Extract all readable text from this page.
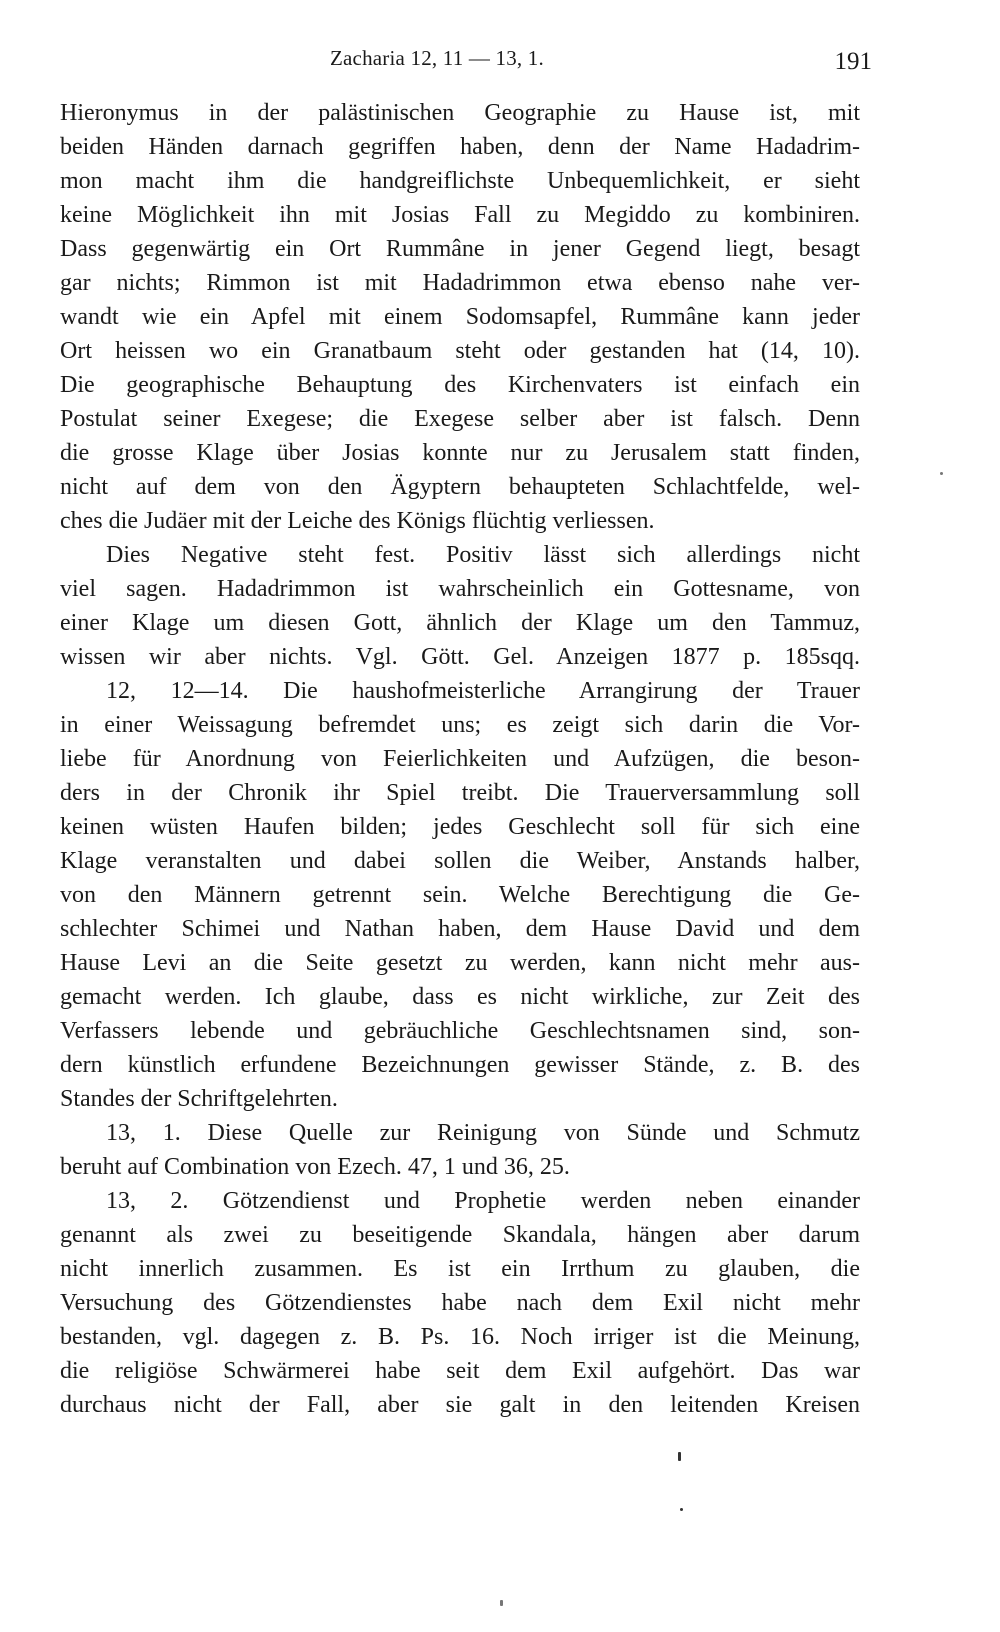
Zacharia 12, 11 — 13, 1.	191
Hieronymus in der palästinischen Geographie zu Hause ist, mit
beiden Händen darnach gegriffen haben, denn der Name Hadadrim-
mon macht ihm die handgreiflichste Unbequemlichkeit, er sieht
keine Möglichkeit ihn mit Josias Fall zu Megiddo zu kombiniren.
Dass gegenwärtig ein Ort Rummâne in jener Gegend liegt, besagt
gar nichts; Rimmon ist mit Hadadrimmon etwa ebenso nahe ver-
wandt wie ein Apfel mit einem Sodomsapfel, Rummâne kann jeder
Ort heissen wo ein Granatbaum steht oder gestanden hat (14, 10).
Die geographische Behauptung des Kirchenvaters ist einfach ein
Postulat seiner Exegese; die Exegese selber aber ist falsch. Denn
die grosse Klage über Josias konnte nur zu Jerusalem statt finden,
nicht auf dem von den Ägyptern behaupteten Schlachtfelde, wel-
ches die Judäer mit der Leiche des Königs flüchtig verliessen.
Dies Negative steht fest. Positiv lässt sich allerdings nicht
viel sagen. Hadadrimmon ist wahrscheinlich ein Gottesname, von
einer Klage um diesen Gott, ähnlich der Klage um den Tammuz,
wissen wir aber nichts. Vgl. Gött. Gel. Anzeigen 1877 p. 185sqq.
12, 12—14. Die haushofmeisterliche Arrangirung der Trauer
in einer Weissagung befremdet uns; es zeigt sich darin die Vor-
liebe für Anordnung von Feierlichkeiten und Aufzügen, die beson-
ders in der Chronik ihr Spiel treibt. Die Trauerversammlung soll
keinen wüsten Haufen bilden; jedes Geschlecht soll für sich eine
Klage veranstalten und dabei sollen die Weiber, Anstands halber,
von den Männern getrennt sein. Welche Berechtigung die Ge-
schlechter Schimei und Nathan haben, dem Hause David und dem
Hause Levi an die Seite gesetzt zu werden, kann nicht mehr aus-
gemacht werden. Ich glaube, dass es nicht wirkliche, zur Zeit des
Verfassers lebende und gebräuchliche Geschlechtsnamen sind, son-
dern künstlich erfundene Bezeichnungen gewisser Stände, z. B. des
Standes der Schriftgelehrten.
13, 1. Diese Quelle zur Reinigung von Sünde und Schmutz
beruht auf Combination von Ezech. 47, 1 und 36, 25.
13, 2. Götzendienst und Prophetie werden neben einander
genannt als zwei zu beseitigende Skandala, hängen aber darum
nicht innerlich zusammen. Es ist ein Irrthum zu glauben, die
Versuchung des Götzendienstes habe nach dem Exil nicht mehr
bestanden, vgl. dagegen z. B. Ps. 16. Noch irriger ist die Meinung,
die religiöse Schwärmerei habe seit dem Exil aufgehört. Das war
durchaus nicht der Fall, aber sie galt in den leitenden Kreisen
